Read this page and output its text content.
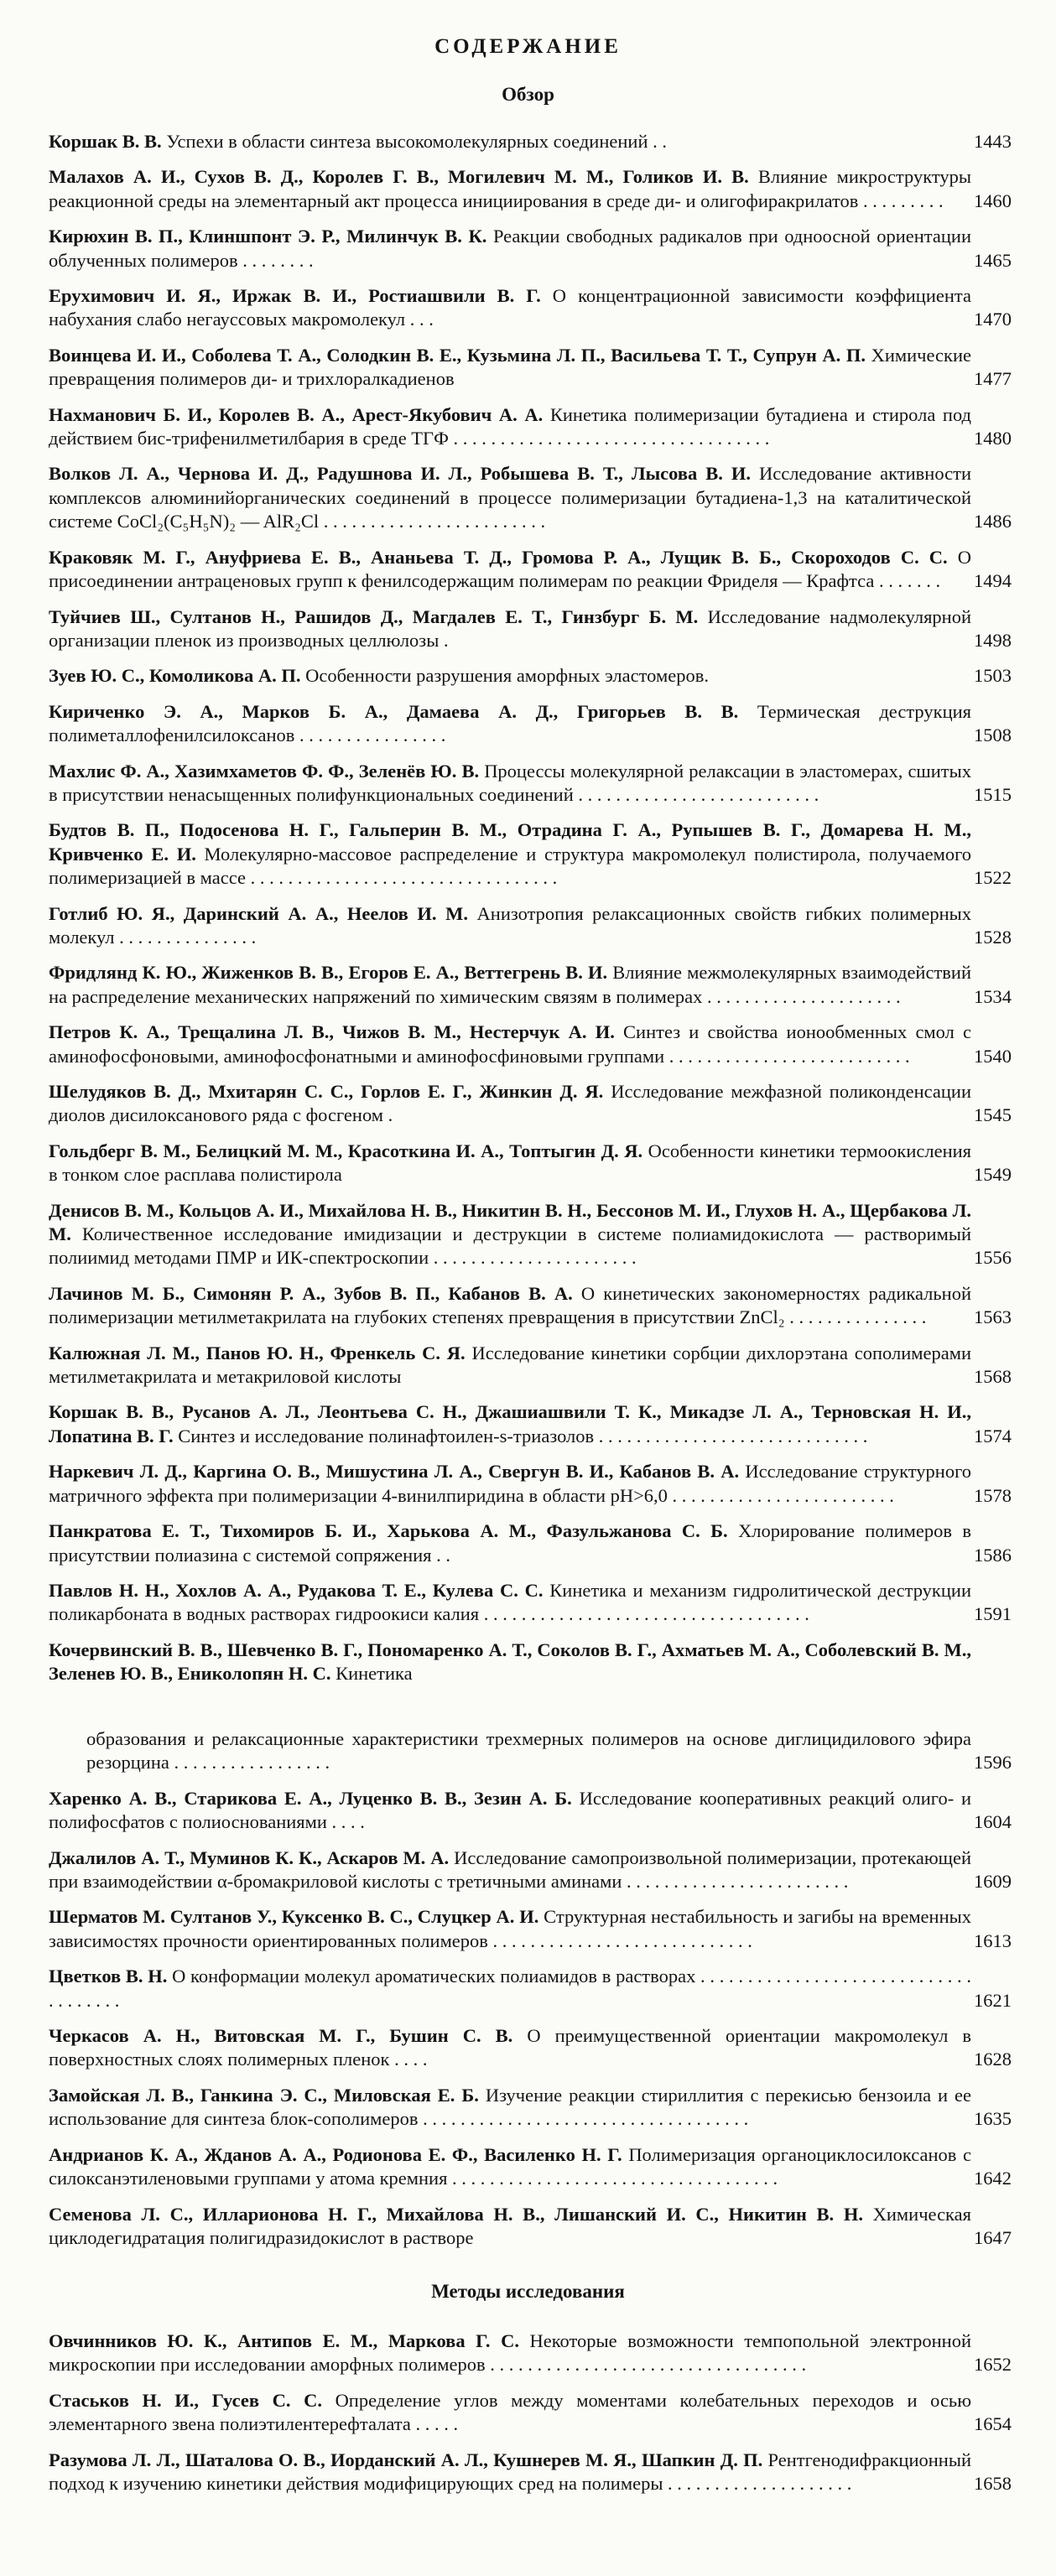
СОДЕРЖАНИЕ
Обзор
Коршак В. В. Успехи в области синтеза высокомолекулярных соединений . .	1443
Малахов А. И., Сухов В. Д., Королев Г. В., Могилевич М. М., Голиков И. В. Влияние микроструктуры реакционной среды на элементарный акт процесса инициирования в среде ди- и олигофиракрилатов . . . . . . . . . 1460
Кирюхин В. П., Клиншпонт Э. Р., Милинчук В. К. Реакции свободных радикалов при одноосной ориентации облученных полимеров . . . . . . . .	1465
Ерухимович И. Я., Иржак В. И., Ростиашвили В. Г. О концентрационной зависимости коэффициента набухания слабо негауссовых макромолекул . . .	1470
Воинцева И. И., Соболева Т. А., Солодкин В. Е., Кузьмина Л. П., Васильева Т. Т., Супрун А. П. Химические превращения полимеров ди- и трихлорaлкадиенов	1477
Нахманович Б. И., Королев В. А., Арест-Якубович А. А. Кинетика полимеризации бутадиена и стирола под действием бис-трифенилметилбария в среде ТГФ . . . . . . . . . . . . . . . . . . . . . . . . . . . . . . . . . .	1480
Волков Л. А., Чернова И. Д., Радушнова И. Л., Робышева В. Т., Лысова В. И. Исследование активности комплексов алюминийорганических соединений в процессе полимеризации бутадиена-1,3 на каталитической системе CoCl₂(C₅H₅N)₂ — AlR₂Cl . . . . . . . . . . . . . . . . . . . . . . . .	1486
Краковяк М. Г., Ануфриева Е. В., Ананьева Т. Д., Громова Р. А., Лущик В. Б., Скороходов С. С. О присоединении антраценовых групп к фенилсодержащим полимерам по реакции Фриделя — Крафтса . . . . . . . 1494
Туйчиев Ш., Султанов Н., Рашидов Д., Магдалев Е. Т., Гинзбург Б. М. Исследование надмолекулярной организации пленок из производных целлюлозы .	1498
Зуев Ю. С., Комоликова А. П. Особенности разрушения аморфных эластомеров.	1503
Кириченко Э. А., Марков Б. А., Дамаева А. Д., Григорьев В. В. Термическая деструкция полиметаллофенилсилоксанов . . . . . . . . . . . . . . . .	1508
Махлис Ф. А., Хазимхаметов Ф. Ф., Зеленёв Ю. В. Процессы молекулярной релаксации в эластомерах, сшитых в присутствии ненасыщенных полифункциональных соединений . . . . . . . . . . . . . . . . . . . . . . . . . .	1515
Будтов В. П., Подосенова Н. Г., Гальперин В. М., Отрадина Г. А., Рупышев В. Г., Домарева Н. М., Кривченко Е. И. Молекулярно-массовое распределение и структура макромолекул полистирола, получаемого полимеризацией в массе . . . . . . . . . . . . . . . . . . . . . . . . . . . . . . . . .	1522
Готлиб Ю. Я., Даринский А. А., Неелов И. М. Анизотропия релаксационных свойств гибких полимерных молекул . . . . . . . . . . . . . . .	1528
Фридлянд К. Ю., Жиженков В. В., Егоров Е. А., Веттегрень В. И. Влияние межмолекулярных взаимодействий на распределение механических напряжений по химическим связям в полимерах . . . . . . . . . . . . . . . . . . . . .	1534
Петров К. А., Трещалина Л. В., Чижов В. М., Нестерчук А. И. Синтез и свойства ионообменных смол с аминофосфоновыми, аминофосфонатными и аминофосфиновыми группами . . . . . . . . . . . . . . . . . . . . . . . . . .	1540
Шелудяков В. Д., Мхитарян С. С., Горлов Е. Г., Жинкин Д. Я. Исследование межфазной поликонденсации диолов дисилоксанового ряда с фосгеном .	1545
Гольдберг В. М., Белицкий М. М., Красоткина И. А., Топтыгин Д. Я. Особенности кинетики термоокисления в тонком слое расплава полистирола	1549
Денисов В. М., Кольцов А. И., Михайлова Н. В., Никитин В. Н., Бессонов М. И., Глухов Н. А., Щербакова Л. М. Количественное исследование имидизации и деструкции в системе полиамидокислота — растворимый полиимид методами ПМР и ИК-спектроскопии . . . . . . . . . . . . . . . . . . . . . .	1556
Лачинов М. Б., Симонян Р. А., Зубов В. П., Кабанов В. А. О кинетических закономерностях радикальной полимеризации метилметакрилата на глубоких степенях превращения в присутствии ZnCl₂ . . . . . . . . . . . . . . .	1563
Калюжная Л. М., Панов Ю. Н., Френкель С. Я. Исследование кинетики сорбции дихлорэтана сополимерами метилметакрилата и метакриловой кислоты	1568
Коршак В. В., Русанов А. Л., Леонтьева С. Н., Джашиашвили Т. К., Микадзе Л. А., Терновская Н. И., Лопатина В. Г. Синтез и исследование полинафтоилен-s-триазолов . . . . . . . . . . . . . . . . . . . . . . . . . . . . .	1574
Наркевич Л. Д., Каргина О. В., Мишустина Л. А., Свергун В. И., Кабанов В. А. Исследование структурного матричного эффекта при полимеризации 4-винилпиридина в области pH>6,0 . . . . . . . . . . . . . . . . . . . . . . . .	1578
Панкратова Е. Т., Тихомиров Б. И., Харькова А. М., Фазульжанова С. Б. Хлорирование полимеров в присутствии полиазина с системой сопряжения . .	1586
Павлов Н. Н., Хохлов А. А., Рудакова Т. Е., Кулева С. С. Кинетика и механизм гидролитической деструкции поликарбоната в водных растворах гидроокиси калия . . . . . . . . . . . . . . . . . . . . . . . . . . . . . . . . . . .	1591
Кочервинский В. В., Шевченко В. Г., Пономаренко А. Т., Соколов В. Г., Ахматьев М. А., Соболевский В. М., Зеленев Ю. В., Ениколопян Н. С. Кинетика
образования и релаксационные характеристики трехмерных полимеров на основе диглицидилового эфира резорцина . . . . . . . . . . . . . . . . .	1596
Харенко А. В., Старикова Е. А., Луценко В. В., Зезин А. Б. Исследование кооперативных реакций олиго- и полифосфатов с полиоснованиями . . . .	1604
Джалилов А. Т., Муминов К. К., Аскаров М. А. Исследование самопроизвольной полимеризации, протекающей при взаимодействии α-бромакриловой кислоты с третичными аминами . . . . . . . . . . . . . . . . . . . . . . . .	1609
Шерматов М. Султанов У., Куксенко В. С., Слуцкер А. И. Структурная нестабильность и загибы на временных зависимостях прочности ориентированных полимеров . . . . . . . . . . . . . . . . . . . . . . . . . . . .	1613
Цветков В. Н. О конформации молекул ароматических полиамидов в растворах . . . . . . . . . . . . . . . . . . . . . . . . . . . . . . . . . . . . .	1621
Черкасов А. Н., Витовская М. Г., Бушин С. В. О преимущественной ориентации макромолекул в поверхностных слоях полимерных пленок . . . .	1628
Замойская Л. В., Ганкина Э. С., Миловская Е. Б. Изучение реакции стириллития с перекисью бензоила и ее использование для синтеза блок-сополимеров . . . . . . . . . . . . . . . . . . . . . . . . . . . . . . . . . . .	1635
Андрианов К. А., Жданов А. А., Родионова Е. Ф., Василенко Н. Г. Полимеризация органоциклосилоксанов с силоксанэтиленовыми группами у атома кремния . . . . . . . . . . . . . . . . . . . . . . . . . . . . . . . . . . .	1642
Семенова Л. С., Илларионова Н. Г., Михайлова Н. В., Лишанский И. С., Никитин В. Н. Химическая циклодегидратация полигидразидокислот в растворе	1647
Методы исследования
Овчинников Ю. К., Антипов Е. М., Маркова Г. С. Некоторые возможности темпопольной электронной микроскопии при исследовании аморфных полимеров . . . . . . . . . . . . . . . . . . . . . . . . . . . . . . . . . .	1652
Стаськов Н. И., Гусев С. С. Определение углов между моментами колебательных переходов и осью элементарного звена полиэтилентерефталата . . . . .	1654
Разумова Л. Л., Шаталова О. В., Иорданский А. Л., Кушнерев М. Я., Шапкин Д. П. Рентгенодифракционный подход к изучению кинетики действия модифицирующих сред на полимеры . . . . . . . . . . . . . . . . . . . .	1658
